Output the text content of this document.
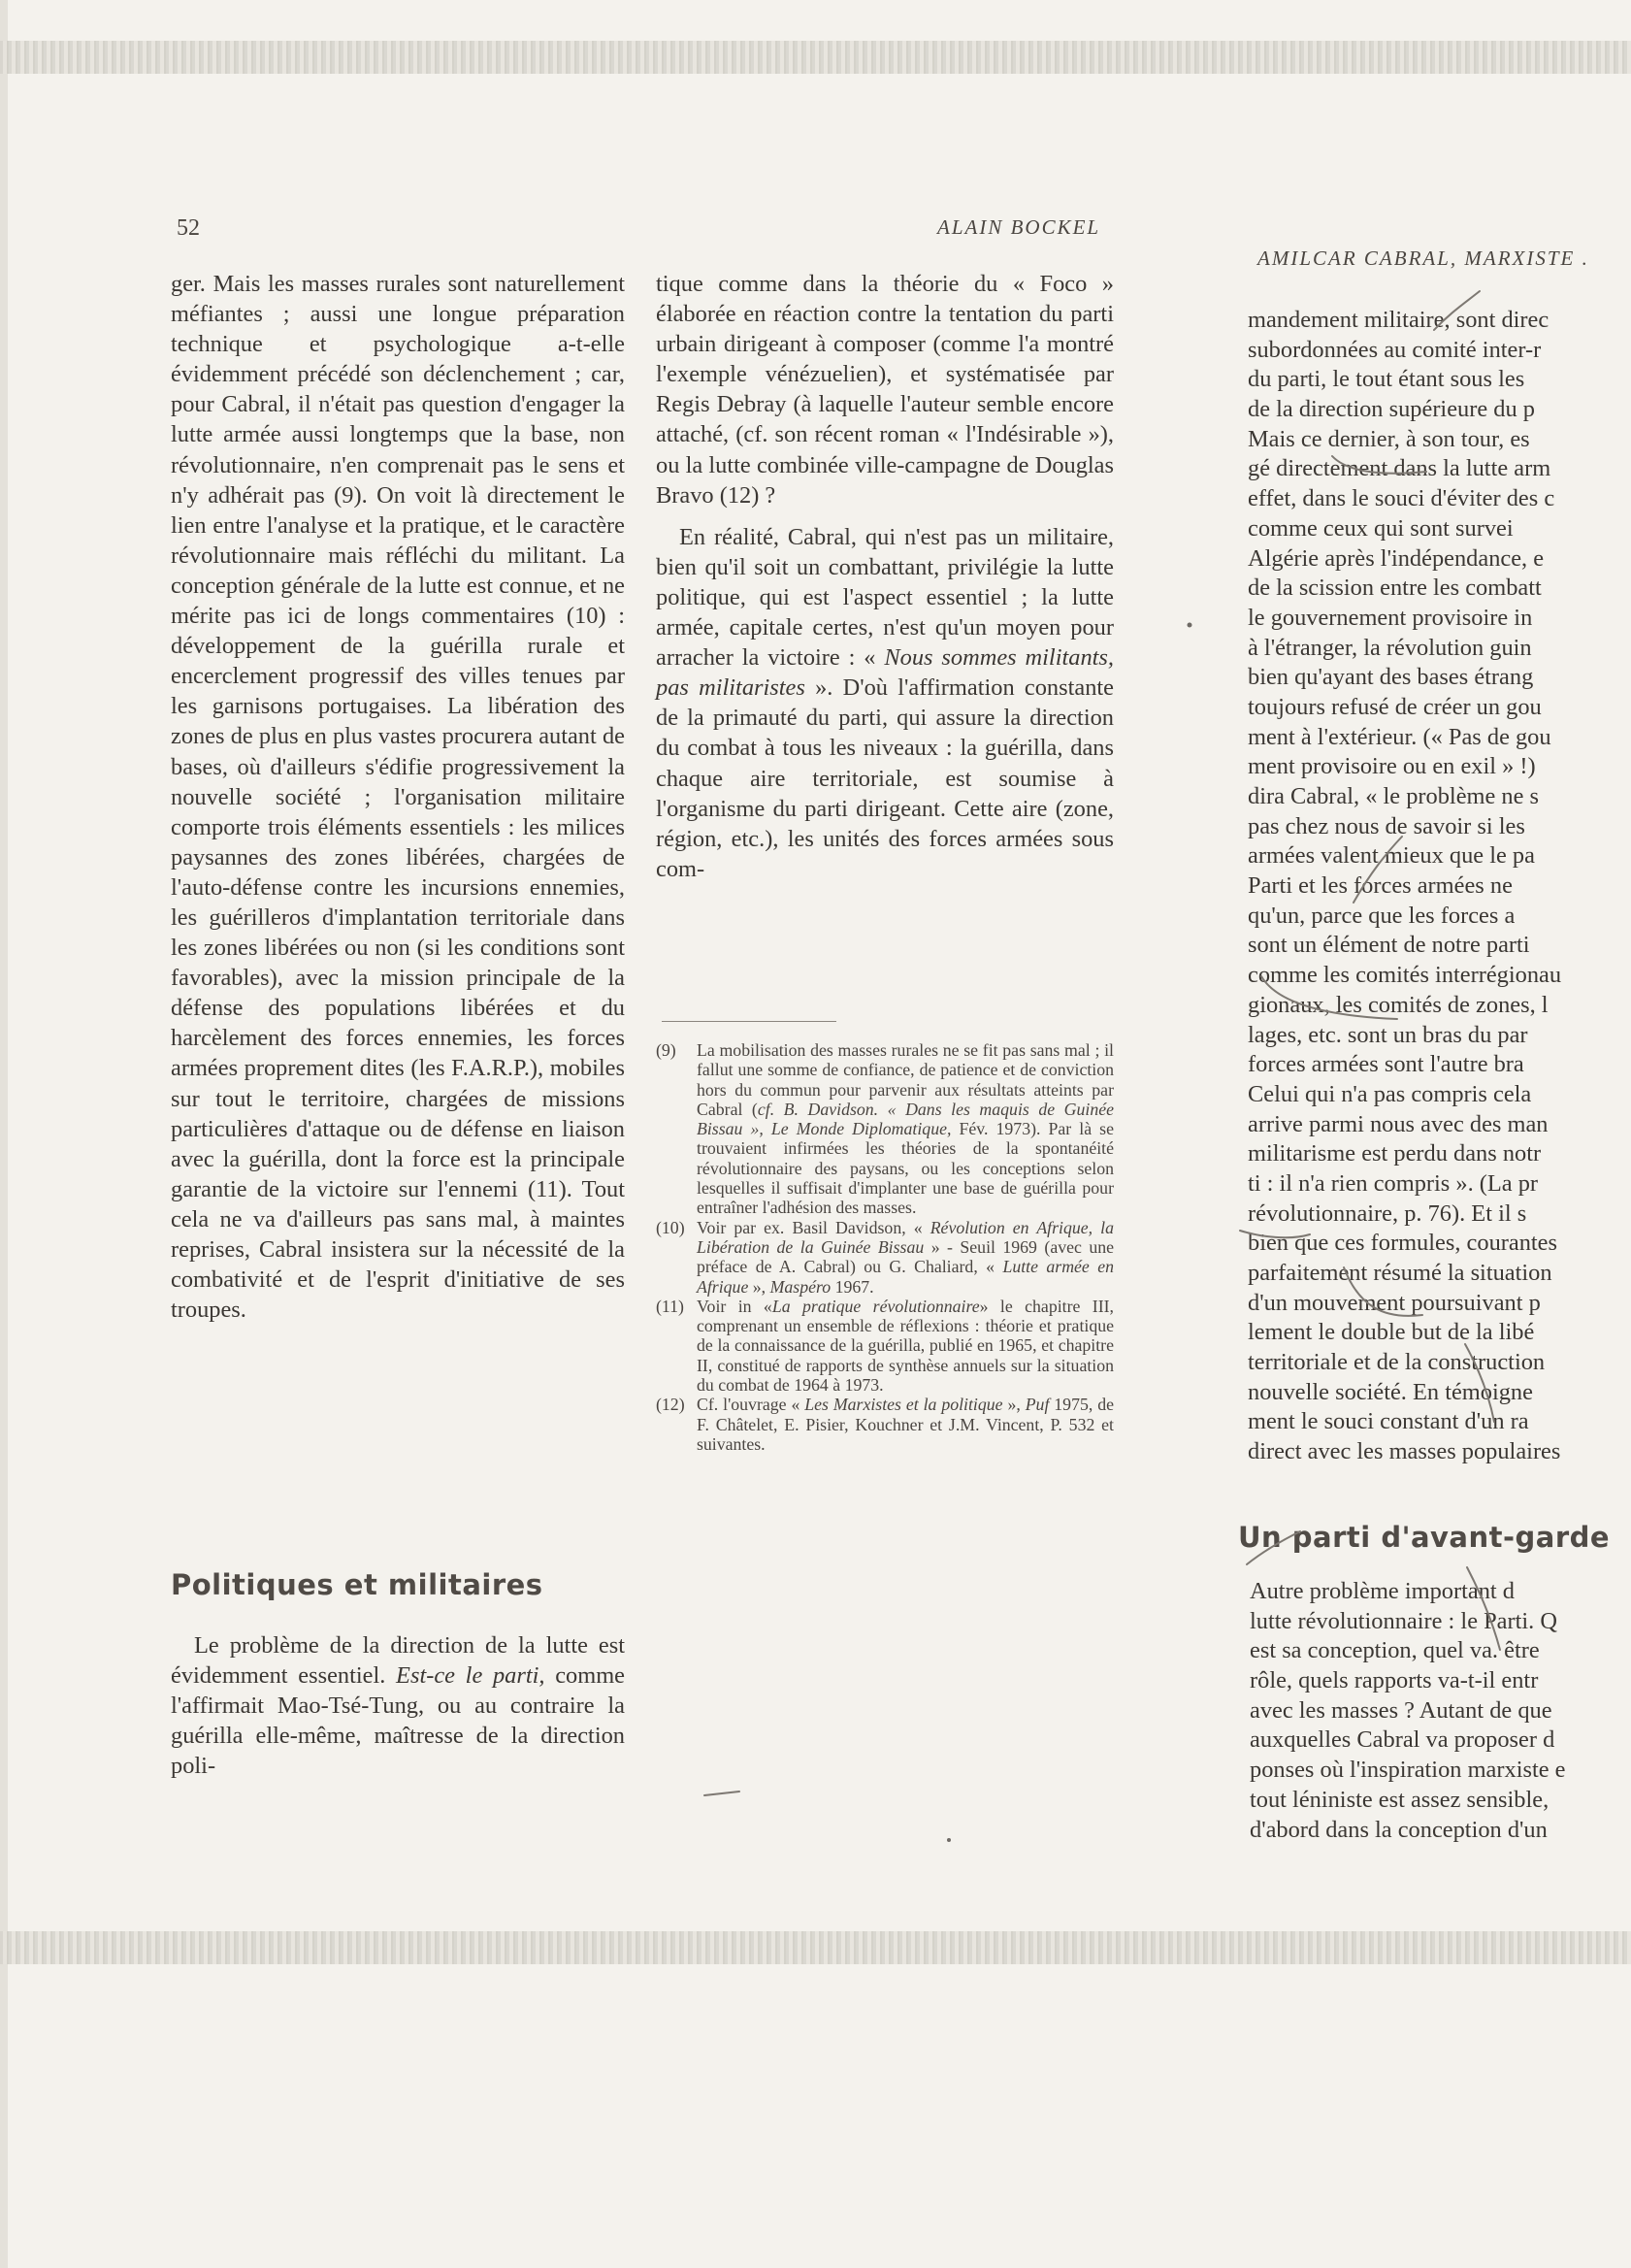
52	ALAIN BOCKEL
AMILCAR CABRAL, MARXISTE .

ger. Mais les masses rurales sont naturellement méfiantes ; aussi une longue préparation technique et psychologique a-t-elle évidemment précédé son déclenchement ; car, pour Cabral, il n'était pas question d'engager la lutte armée aussi longtemps que la base, non révolutionnaire, n'en comprenait pas le sens et n'y adhérait pas (9). On voit là directement le lien entre l'analyse et la pratique, et le caractère révolutionnaire mais réfléchi du militant. La conception générale de la lutte est connue, et ne mérite pas ici de longs commentaires (10) : développement de la guérilla rurale et encerclement progressif des villes tenues par les garnisons portugaises. La libération des zones de plus en plus vastes procurera autant de bases, où d'ailleurs s'édifie progressivement la nouvelle société ; l'organisation militaire comporte trois éléments essentiels : les milices paysannes des zones libérées, chargées de l'auto-défense contre les incursions ennemies, les guérilleros d'implantation territoriale dans les zones libérées ou non (si les conditions sont favorables), avec la mission principale de la défense des populations libérées et du harcèlement des forces ennemies, les forces armées proprement dites (les F.A.R.P.), mobiles sur tout le territoire, chargées de missions particulières d'attaque ou de défense en liaison avec la guérilla, dont la force est la principale garantie de la victoire sur l'ennemi (11). Tout cela ne va d'ailleurs pas sans mal, à maintes reprises, Cabral insistera sur la nécessité de la combativité et de l'esprit d'initiative de ses troupes.

Politiques et militaires

Le problème de la direction de la lutte est évidemment essentiel. Est-ce le parti, comme l'affirmait Mao-Tsé-Tung, ou au contraire la guérilla elle-même, maîtresse de la direction poli-

tique comme dans la théorie du « Foco » élaborée en réaction contre la tentation du parti urbain dirigeant à composer (comme l'a montré l'exemple vénézuelien), et systématisée par Regis Debray (à laquelle l'auteur semble encore attaché, (cf. son récent roman « l'Indésirable »), ou la lutte combinée ville-campagne de Douglas Bravo (12) ?

En réalité, Cabral, qui n'est pas un militaire, bien qu'il soit un combattant, privilégie la lutte politique, qui est l'aspect essentiel ; la lutte armée, capitale certes, n'est qu'un moyen pour arracher la victoire : « Nous sommes militants, pas militaristes ». D'où l'affirmation constante de la primauté du parti, qui assure la direction du combat à tous les niveaux : la guérilla, dans chaque aire territoriale, est soumise à l'organisme du parti dirigeant. Cette aire (zone, région, etc.), les unités des forces armées sous com-

(9)	La mobilisation des masses rurales ne se fit pas sans mal ; il fallut une somme de confiance, de patience et de conviction hors du commun pour parvenir aux résultats atteints par Cabral (cf. B. Davidson. « Dans les maquis de Guinée Bissau », Le Monde Diplomatique, Fév. 1973). Par là se trouvaient infirmées les théories de la spontanéité révolutionnaire des paysans, ou les conceptions selon lesquelles il suffisait d'implanter une base de guérilla pour entraîner l'adhésion des masses.
(10) Voir par ex. Basil Davidson, « Révolution en Afrique, la Libération de la Guinée Bissau » - Seuil 1969 (avec une préface de A. Cabral) ou G. Chaliard, « Lutte armée en Afrique », Maspéro 1967.
(11) Voir in «La pratique révolutionnaire» le chapitre III, comprenant un ensemble de réflexions : théorie et pratique de la connaissance de la guérilla, publié en 1965, et chapitre II, constitué de rapports de synthèse annuels sur la situation du combat de 1964 à 1973.
(12) Cf. l'ouvrage « Les Marxistes et la politique », Puf 1975, de F. Châtelet, E. Pisier, Kouchner et J.M. Vincent, P. 532 et suivantes.
mandement militaire, sont direc
subordonnées au comité inter-r
du parti, le tout étant sous les
de la direction supérieure du p
Mais ce dernier, à son tour, es
gé directement dans la lutte arm
effet, dans le souci d'éviter des c
comme ceux qui sont survei
Algérie après l'indépendance, e
de la scission entre les combatt
le gouvernement provisoire in
à l'étranger, la révolution guin
bien qu'ayant des bases étrang
toujours refusé de créer un gou
ment à l'extérieur. (« Pas de gou
ment provisoire ou en exil » !)
dira Cabral, « le problème ne s
pas chez nous de savoir si les
armées valent mieux que le pa
Parti et les forces armées ne
qu'un, parce que les forces a
sont un élément de notre parti
comme les comités interrégionau
gionaux, les comités de zones, l
lages, etc. sont un bras du par
forces armées sont l'autre bra
Celui qui n'a pas compris cela
arrive parmi nous avec des man
militarisme est perdu dans notr
ti : il n'a rien compris ». (La pr
révolutionnaire, p. 76). Et il s
bien que ces formules, courantes
parfaitement résumé la situation
d'un mouvement poursuivant p
lement le double but de la libé
territoriale et de la construction
nouvelle société. En témoigne
ment le souci constant d'un ra
direct avec les masses populaires
Un parti d'avant-garde
Autre problème important d
lutte révolutionnaire : le Parti. Q
est sa conception, quel va. être
rôle, quels rapports va-t-il entr
avec les masses ? Autant de que
auxquelles Cabral va proposer d
ponses où l'inspiration marxiste e
tout léniniste est assez sensible,
d'abord dans la conception d'un
